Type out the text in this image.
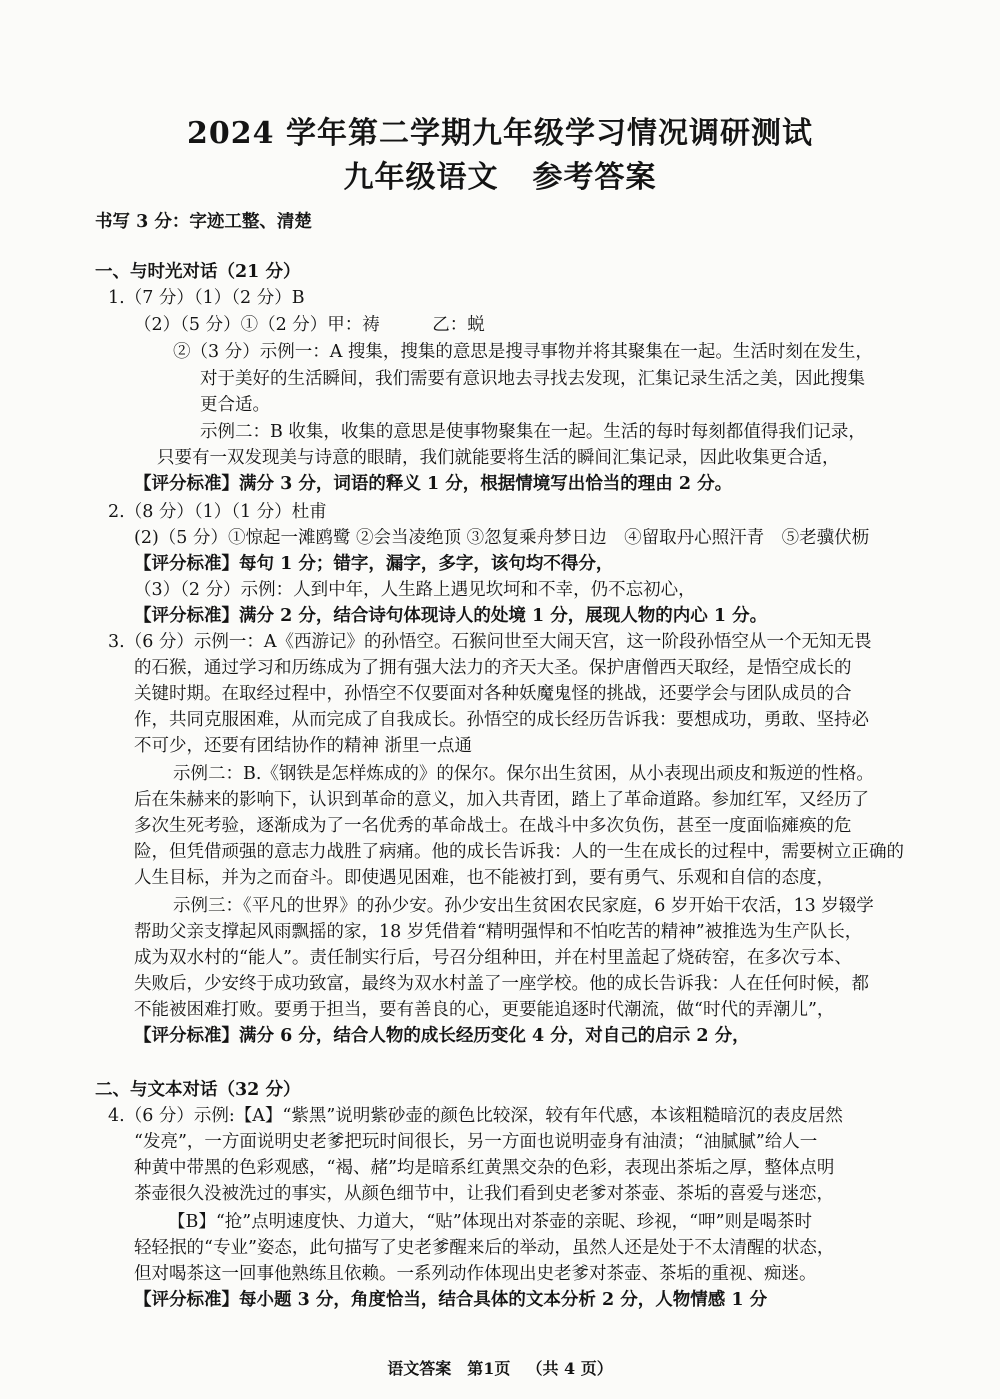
2024 学年第二学期九年级学习情况调研测试
九年级语文 参考答案
书写 3 分：字迹工整、清楚
一、与时光对话（21 分）
1.（7 分）（1）（2 分）B
（2）（5 分）①（2 分）甲：祷　　　乙：蜕
②（3 分）示例一：A 搜集，搜集的意思是搜寻事物并将其聚集在一起。生活时刻在发生，
对于美好的生活瞬间，我们需要有意识地去寻找去发现，汇集记录生活之美，因此搜集
更合适。
示例二：B 收集，收集的意思是使事物聚集在一起。生活的每时每刻都值得我们记录，
只要有一双发现美与诗意的眼睛，我们就能要将生活的瞬间汇集记录，因此收集更合适，
【评分标准】满分 3 分，词语的释义 1 分，根据情境写出恰当的理由 2 分。
2.（8 分）（1）（1 分）杜甫
(2)（5 分）①惊起一滩鸥鹭 ②会当凌绝顶 ③忽复乘舟梦日边　④留取丹心照汗青　⑤老骥伏枥
【评分标准】每句 1 分；错字，漏字，多字，该句均不得分，
（3）（2 分）示例：人到中年，人生路上遇见坎坷和不幸，仍不忘初心，
【评分标准】满分 2 分，结合诗句体现诗人的处境 1 分，展现人物的内心 1 分。
3.（6 分）示例一：A《西游记》的孙悟空。石猴问世至大闹天宫，这一阶段孙悟空从一个无知无畏
的石猴，通过学习和历练成为了拥有强大法力的齐天大圣。保护唐僧西天取经，是悟空成长的
关键时期。在取经过程中，孙悟空不仅要面对各种妖魔鬼怪的挑战，还要学会与团队成员的合
作，共同克服困难，从而完成了自我成长。孙悟空的成长经历告诉我：要想成功，勇敢、坚持必
不可少，还要有团结协作的精神 浙里一点通
示例二：B.《钢铁是怎样炼成的》的保尔。保尔出生贫困，从小表现出顽皮和叛逆的性格。
后在朱赫来的影响下，认识到革命的意义，加入共青团，踏上了革命道路。参加红军，又经历了
多次生死考验，逐渐成为了一名优秀的革命战士。在战斗中多次负伤，甚至一度面临瘫痪的危
险，但凭借顽强的意志力战胜了病痛。他的成长告诉我：人的一生在成长的过程中，需要树立正确的
人生目标，并为之而奋斗。即使遇见困难，也不能被打到，要有勇气、乐观和自信的态度，
示例三：《平凡的世界》的孙少安。孙少安出生贫困农民家庭，6 岁开始干农活，13 岁辍学
帮助父亲支撑起风雨飘摇的家，18 岁凭借着“精明强悍和不怕吃苦的精神”被推选为生产队长，
成为双水村的“能人”。责任制实行后，号召分组种田，并在村里盖起了烧砖窑，在多次亏本、
失败后，少安终于成功致富，最终为双水村盖了一座学校。他的成长告诉我：人在任何时候，都
不能被困难打败。要勇于担当，要有善良的心，更要能追逐时代潮流，做“时代的弄潮儿”，
【评分标准】满分 6 分，结合人物的成长经历变化 4 分，对自己的启示 2 分，
二、与文本对话（32 分）
4.（6 分）示例:【A】“紫黑”说明紫砂壶的颜色比较深，较有年代感，本该粗糙暗沉的表皮居然
“发亮”，一方面说明史老爹把玩时间很长，另一方面也说明壶身有油渍；“油腻腻”给人一
种黄中带黑的色彩观感，“褐、赭”均是暗系红黄黑交杂的色彩，表现出茶垢之厚，整体点明
茶壶很久没被洗过的事实，从颜色细节中，让我们看到史老爹对茶壶、茶垢的喜爱与迷恋，
【B】“抢”点明速度快、力道大，“贴”体现出对茶壶的亲昵、珍视，“呷”则是喝茶时
轻轻抿的“专业”姿态，此句描写了史老爹醒来后的举动，虽然人还是处于不太清醒的状态，
但对喝茶这一回事他熟练且依赖。一系列动作体现出史老爹对茶壶、茶垢的重视、痴迷。
【评分标准】每小题 3 分，角度恰当，结合具体的文本分析 2 分，人物情感 1 分
语文答案 第1页 （共 4 页）
